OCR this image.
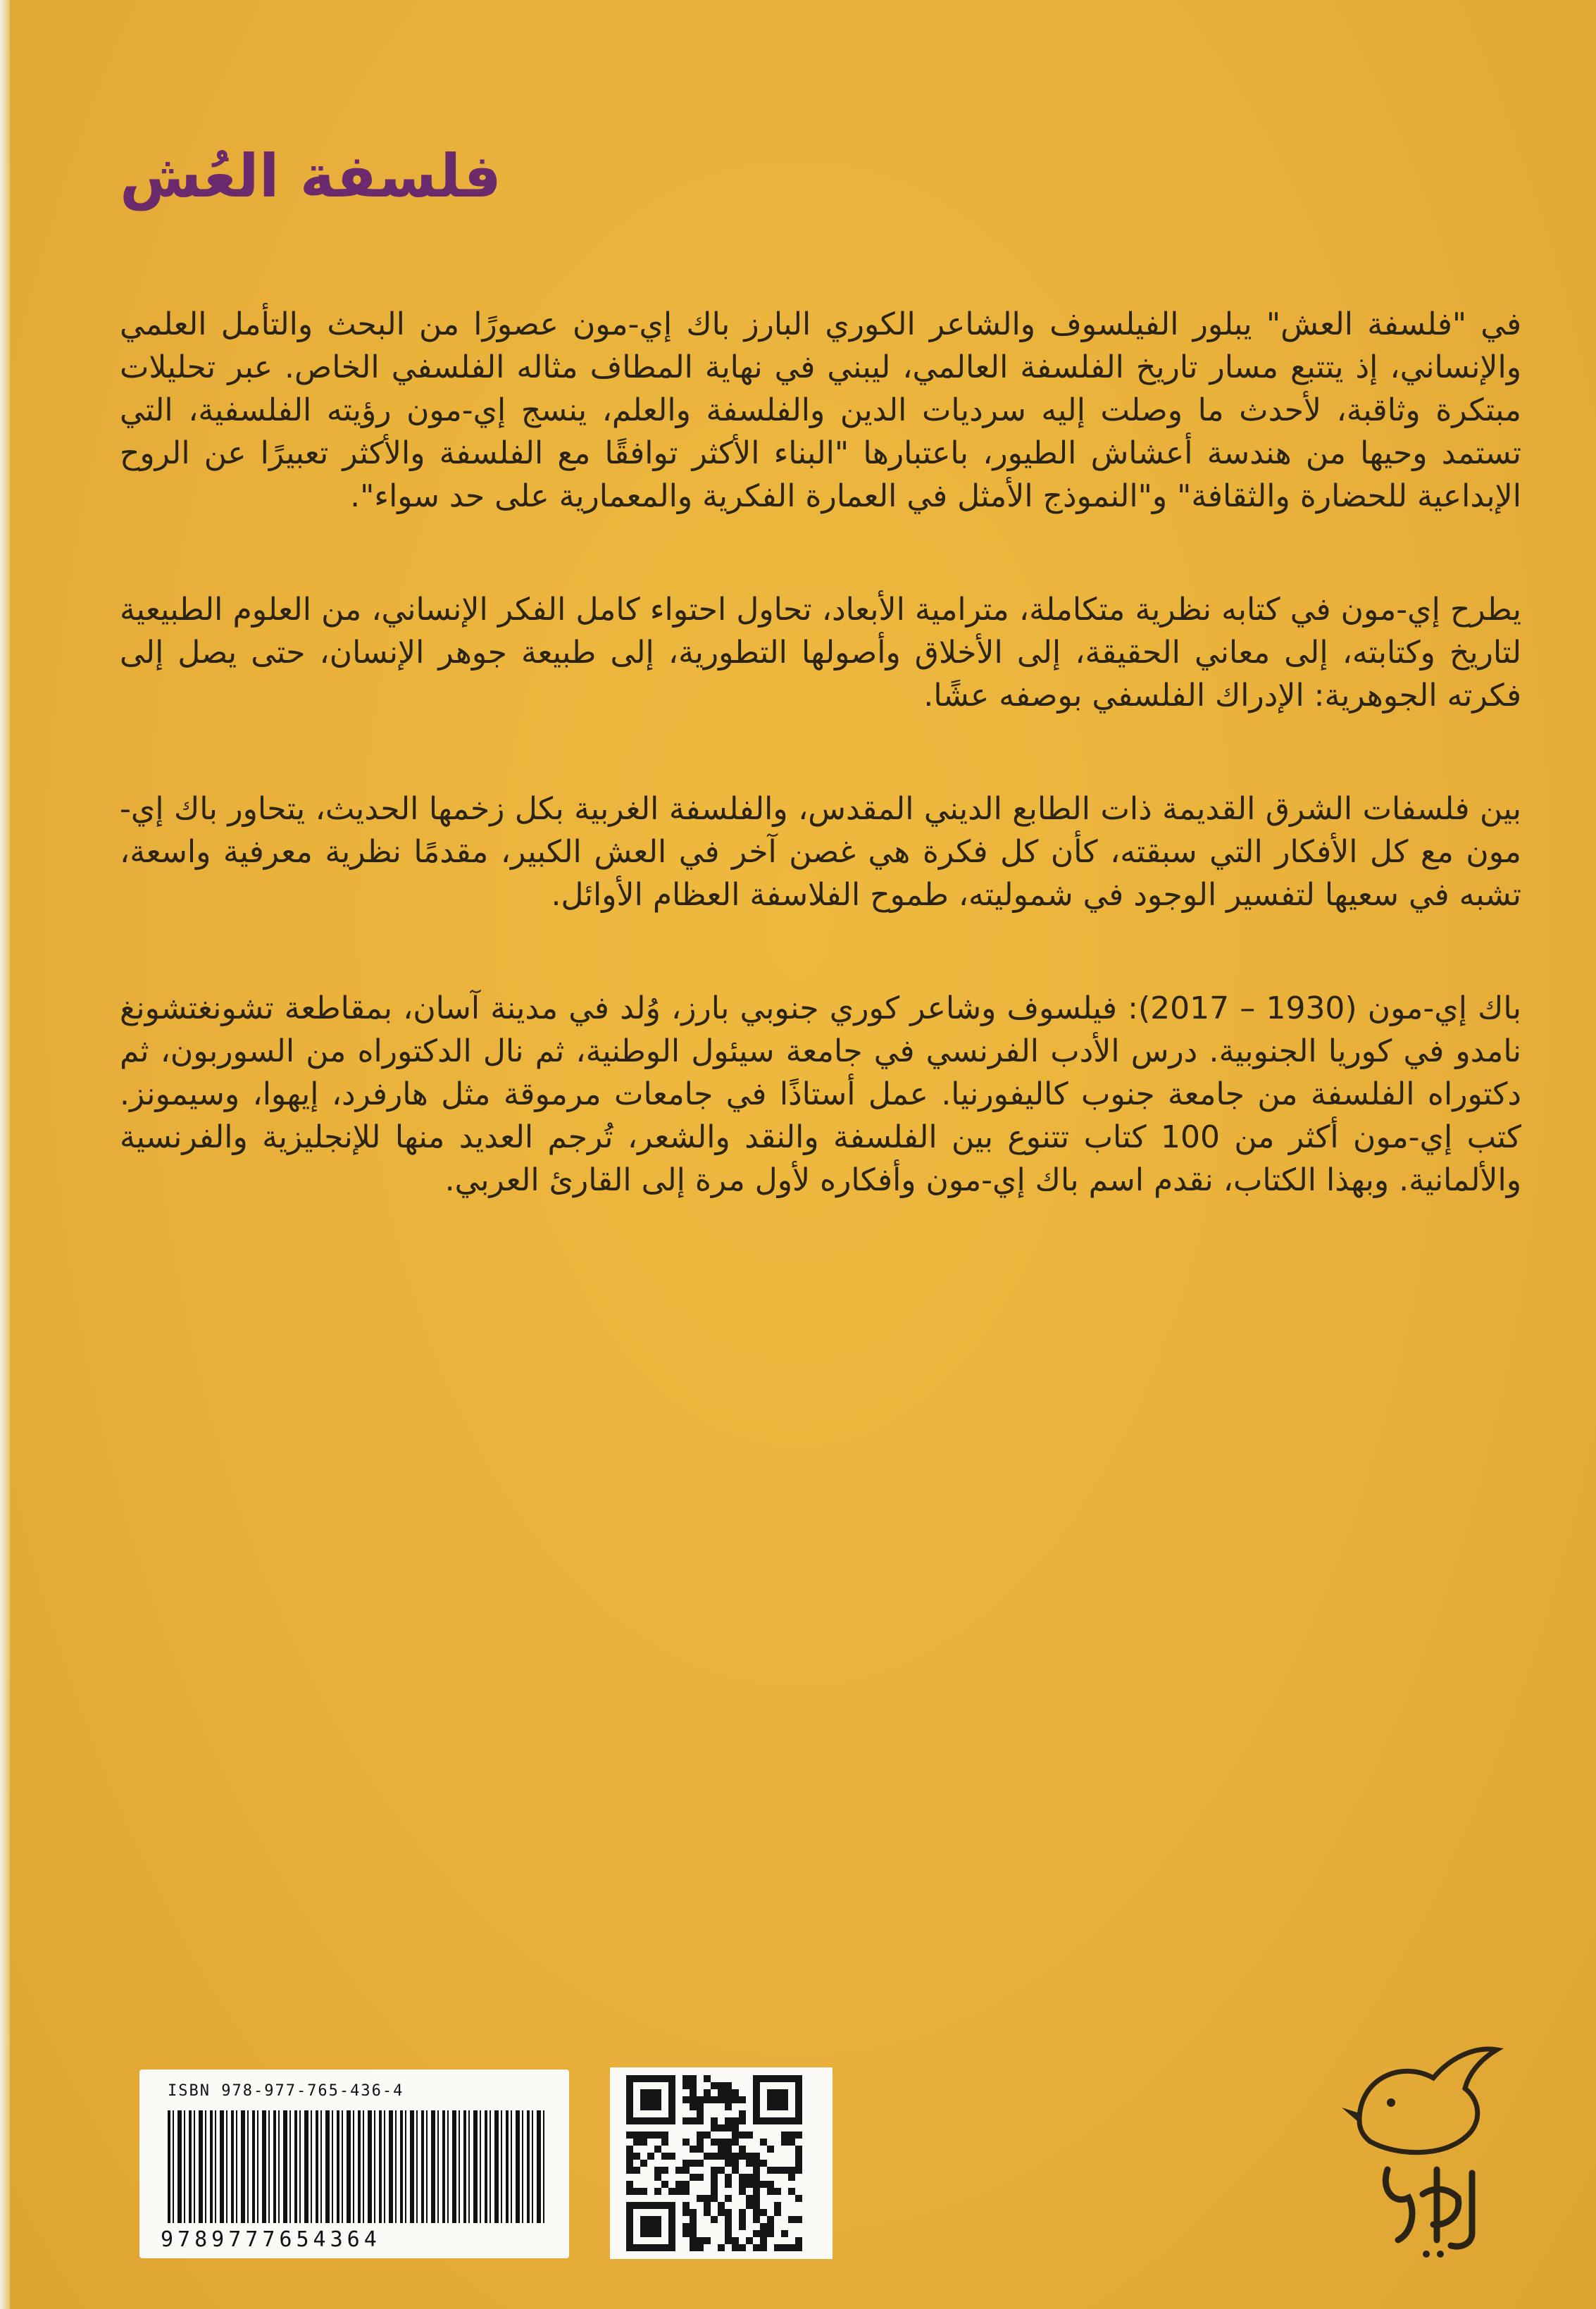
فلسفة العُش

في "فلسفة العش" يبلور الفيلسوف والشاعر الكوري البارز باك إي-مون عصورًا من البحث والتأمل العلمي والإنساني، إذ يتتبع مسار تاريخ الفلسفة العالمي، ليبني في نهاية المطاف مثاله الفلسفي الخاص. عبر تحليلات مبتكرة وثاقبة، لأحدث ما وصلت إليه سرديات الدين والفلسفة والعلم، ينسج إي-مون رؤيته الفلسفية، التي تستمد وحيها من هندسة أعشاش الطيور، باعتبارها "البناء الأكثر توافقًا مع الفلسفة والأكثر تعبيرًا عن الروح الإبداعية للحضارة والثقافة" و"النموذج الأمثل في العمارة الفكرية والمعمارية على حد سواء".

يطرح إي-مون في كتابه نظرية متكاملة، مترامية الأبعاد، تحاول احتواء كامل الفكر الإنساني، من العلوم الطبيعية لتاريخ وكتابته، إلى معاني الحقيقة، إلى الأخلاق وأصولها التطورية، إلى طبيعة جوهر الإنسان، حتى يصل إلى فكرته الجوهرية: الإدراك الفلسفي بوصفه عشًا.

بين فلسفات الشرق القديمة ذات الطابع الديني المقدس، والفلسفة الغربية بكل زخمها الحديث، يتحاور باك إي-مون مع كل الأفكار التي سبقته، كأن كل فكرة هي غصن آخر في العش الكبير، مقدمًا نظرية معرفية واسعة، تشبه في سعيها لتفسير الوجود في شموليته، طموح الفلاسفة العظام الأوائل.

باك إي-مون (1930 – 2017): فيلسوف وشاعر كوري جنوبي بارز، وُلد في مدينة آسان، بمقاطعة تشونغتشونغ نامدو في كوريا الجنوبية. درس الأدب الفرنسي في جامعة سيئول الوطنية، ثم نال الدكتوراه من السوربون، ثم دكتوراه الفلسفة من جامعة جنوب كاليفورنيا. عمل أستاذًا في جامعات مرموقة مثل هارفرد، إيهوا، وسيمونز. كتب إي-مون أكثر من 100 كتاب تتنوع بين الفلسفة والنقد والشعر، تُرجم العديد منها للإنجليزية والفرنسية والألمانية. وبهذا الكتاب، نقدم اسم باك إي-مون وأفكاره لأول مرة إلى القارئ العربي.

ISBN 978-977-765-436-4
9789777654364
